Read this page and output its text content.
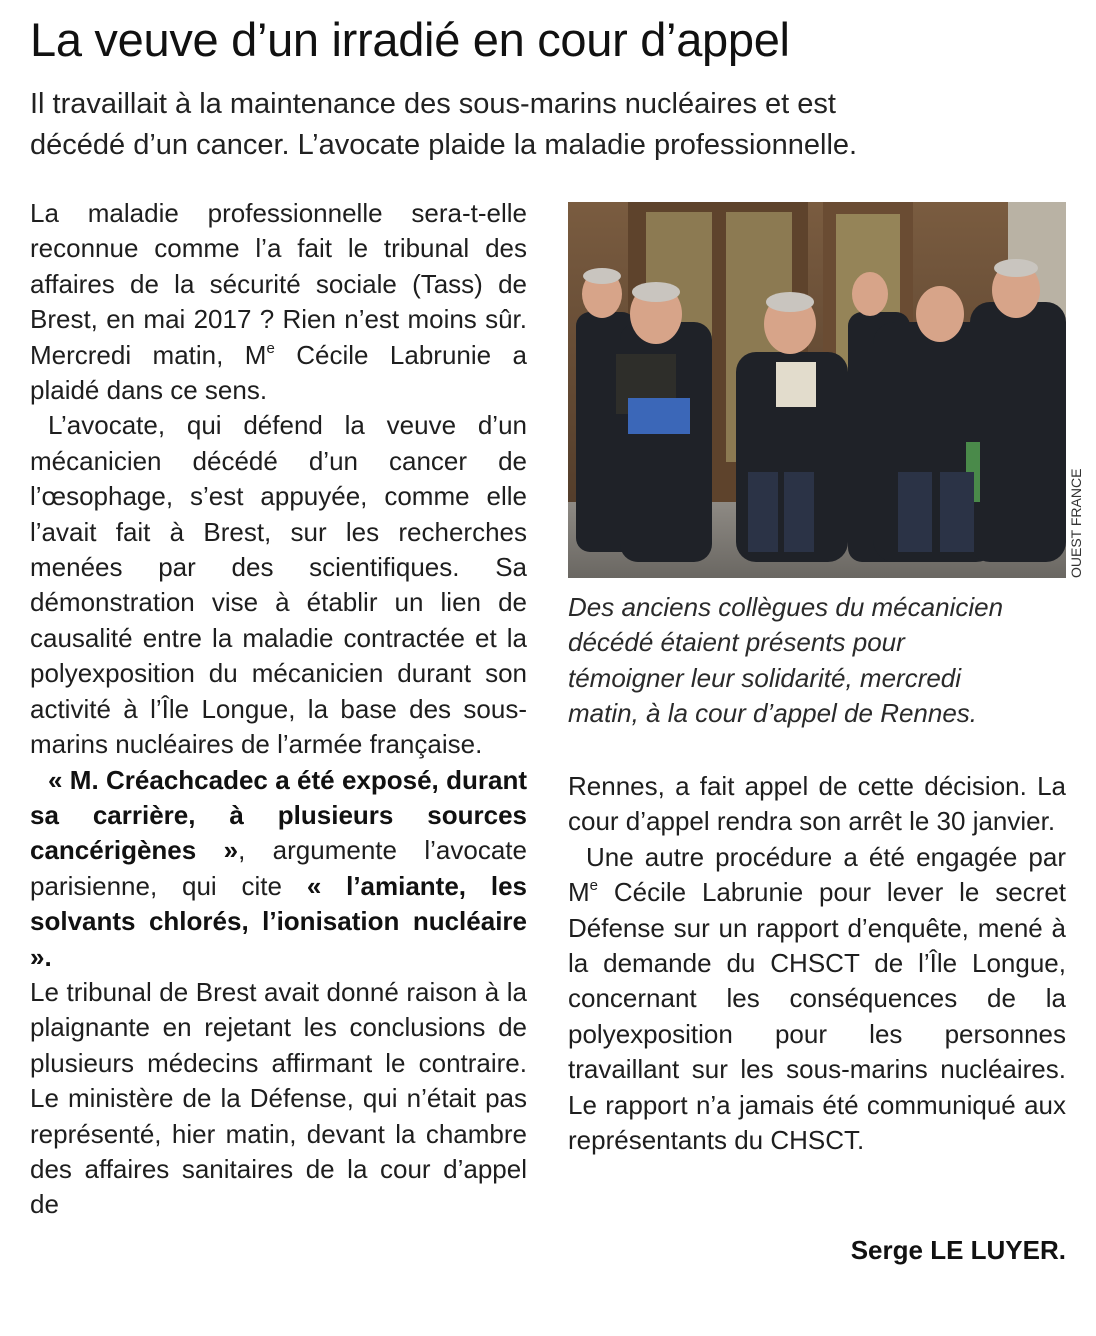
La veuve d’un irradié en cour d’appel
Il travaillait à la maintenance des sous-marins nucléaires et est
décédé d’un cancer. L’avocate plaide la maladie professionnelle.

La maladie professionnelle sera-t-elle reconnue comme l’a fait le tribunal des affaires de la sécurité sociale (Tass) de Brest, en mai 2017 ? Rien n’est moins sûr. Mercredi matin, Me Cécile Labrunie a plaidé dans ce sens.

L’avocate, qui défend la veuve d’un mécanicien décédé d’un cancer de l’œsophage, s’est appuyée, comme elle l’avait fait à Brest, sur les recherches menées par des scientifiques. Sa démonstration vise à établir un lien de causalité entre la maladie contractée et la polyexposition du mécanicien durant son activité à l’Île Longue, la base des sous-marins nucléaires de l’armée française.

« M. Créachcadec a été exposé, durant sa carrière, à plusieurs sources cancérigènes », argumente l’avocate parisienne, qui cite « l’amiante, les solvants chlorés, l’ionisation nucléaire ».

Le tribunal de Brest avait donné raison à la plaignante en rejetant les conclusions de plusieurs médecins affirmant le contraire. Le ministère de la Défense, qui n’était pas représenté, hier matin, devant la chambre des affaires sanitaires de la cour d’appel de

OUEST FRANCE

Des anciens collègues du mécanicien

décédé étaient présents pour

témoigner leur solidarité, mercredi

matin, à la cour d’appel de Rennes.

Rennes, a fait appel de cette décision. La cour d’appel rendra son arrêt le 30 janvier.

Une autre procédure a été engagée par Me Cécile Labrunie pour lever le secret Défense sur un rapport d’enquête, mené à la demande du CHSCT de l’Île Longue, concernant les conséquences de la polyexposition pour les personnes travaillant sur les sous-marins nucléaires. Le rapport n’a jamais été communiqué aux représentants du CHSCT.

Serge LE LUYER.
